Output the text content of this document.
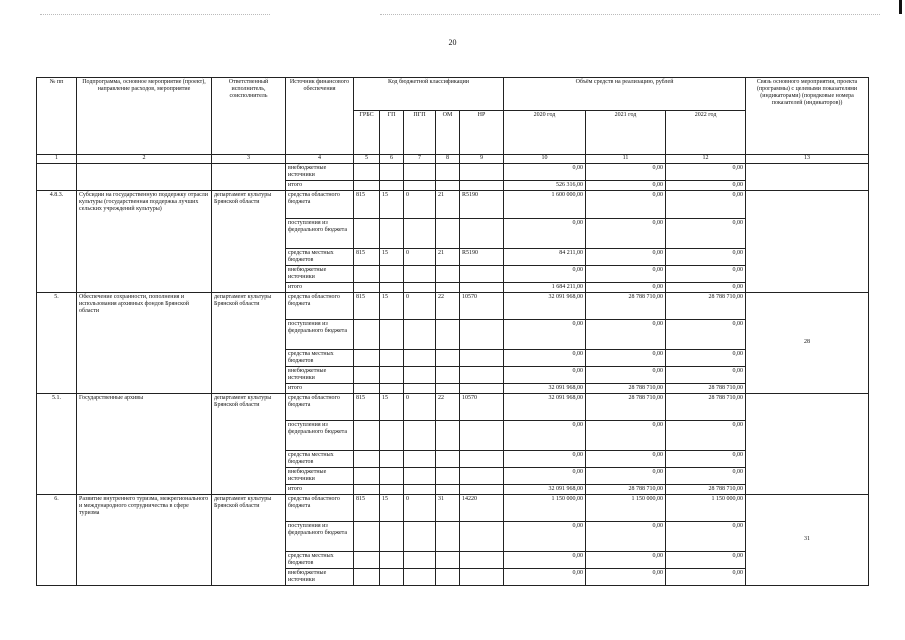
20
№ пп	Подпрограмма, основное мероприятие (проект), направление расходов, мероприятие	Ответственный исполнитель, соисполнитель	Источник финансового обеспечения	Код бюджетной классификации					Объём средств на реализацию, рублей			Связь основного мероприятия, проекта (программы) с целевыми показателями (индикаторами) (порядковые номера показателей (индикаторов))
				ГРБС	ГП	ПГП	ОМ	НР	2020 год	2021 год	2022 год	
1	2	3	4	5	6	7	8	9	10	11	12	13
			внебюджетные источники						0,00	0,00	0,00	
			итого						526 316,00	0,00	0,00	
4.8.3.	Субсидии на государственную поддержку отрасли культуры (государственная поддержка лучших сельских учреждений культуры)	департамент культуры Брянской области	средства областного бюджета	815	15	0	21	R5190	1 600 000,00	0,00	0,00	
			поступления из федерального бюджета						0,00	0,00	0,00	
			средства местных бюджетов	815	15	0	21	R5190	84 211,00	0,00	0,00	
			внебюджетные источники						0,00	0,00	0,00	
			итого						1 684 211,00	0,00	0,00	
5.	Обеспечение сохранности, пополнения и использования архивных фондов Брянской области	департамент культуры Брянской области	средства областного бюджета	815	15	0	22	10570	32 091 968,00	28 788 710,00	28 788 710,00	28
			поступления из федерального бюджета						0,00	0,00	0,00	
			средства местных бюджетов						0,00	0,00	0,00	
			внебюджетные источники						0,00	0,00	0,00	
			итого						32 091 968,00	28 788 710,00	28 788 710,00	
5.1.	Государственные архивы	департамент культуры Брянской области	средства областного бюджета	815	15	0	22	10570	32 091 968,00	28 788 710,00	28 788 710,00	
			поступления из федерального бюджета						0,00	0,00	0,00	
			средства местных бюджетов						0,00	0,00	0,00	
			внебюджетные источники						0,00	0,00	0,00	
			итого						32 091 968,00	28 788 710,00	28 788 710,00	
6.	Развитие внутреннего туризма, межрегионального и международного сотрудничества в сфере туризма	департамент культуры Брянской области	средства областного бюджета	815	15	0	31	14220	1 150 000,00	1 150 000,00	1 150 000,00	31
			поступления из федерального бюджета						0,00	0,00	0,00	
			средства местных бюджетов						0,00	0,00	0,00	
			внебюджетные источники						0,00	0,00	0,00	
